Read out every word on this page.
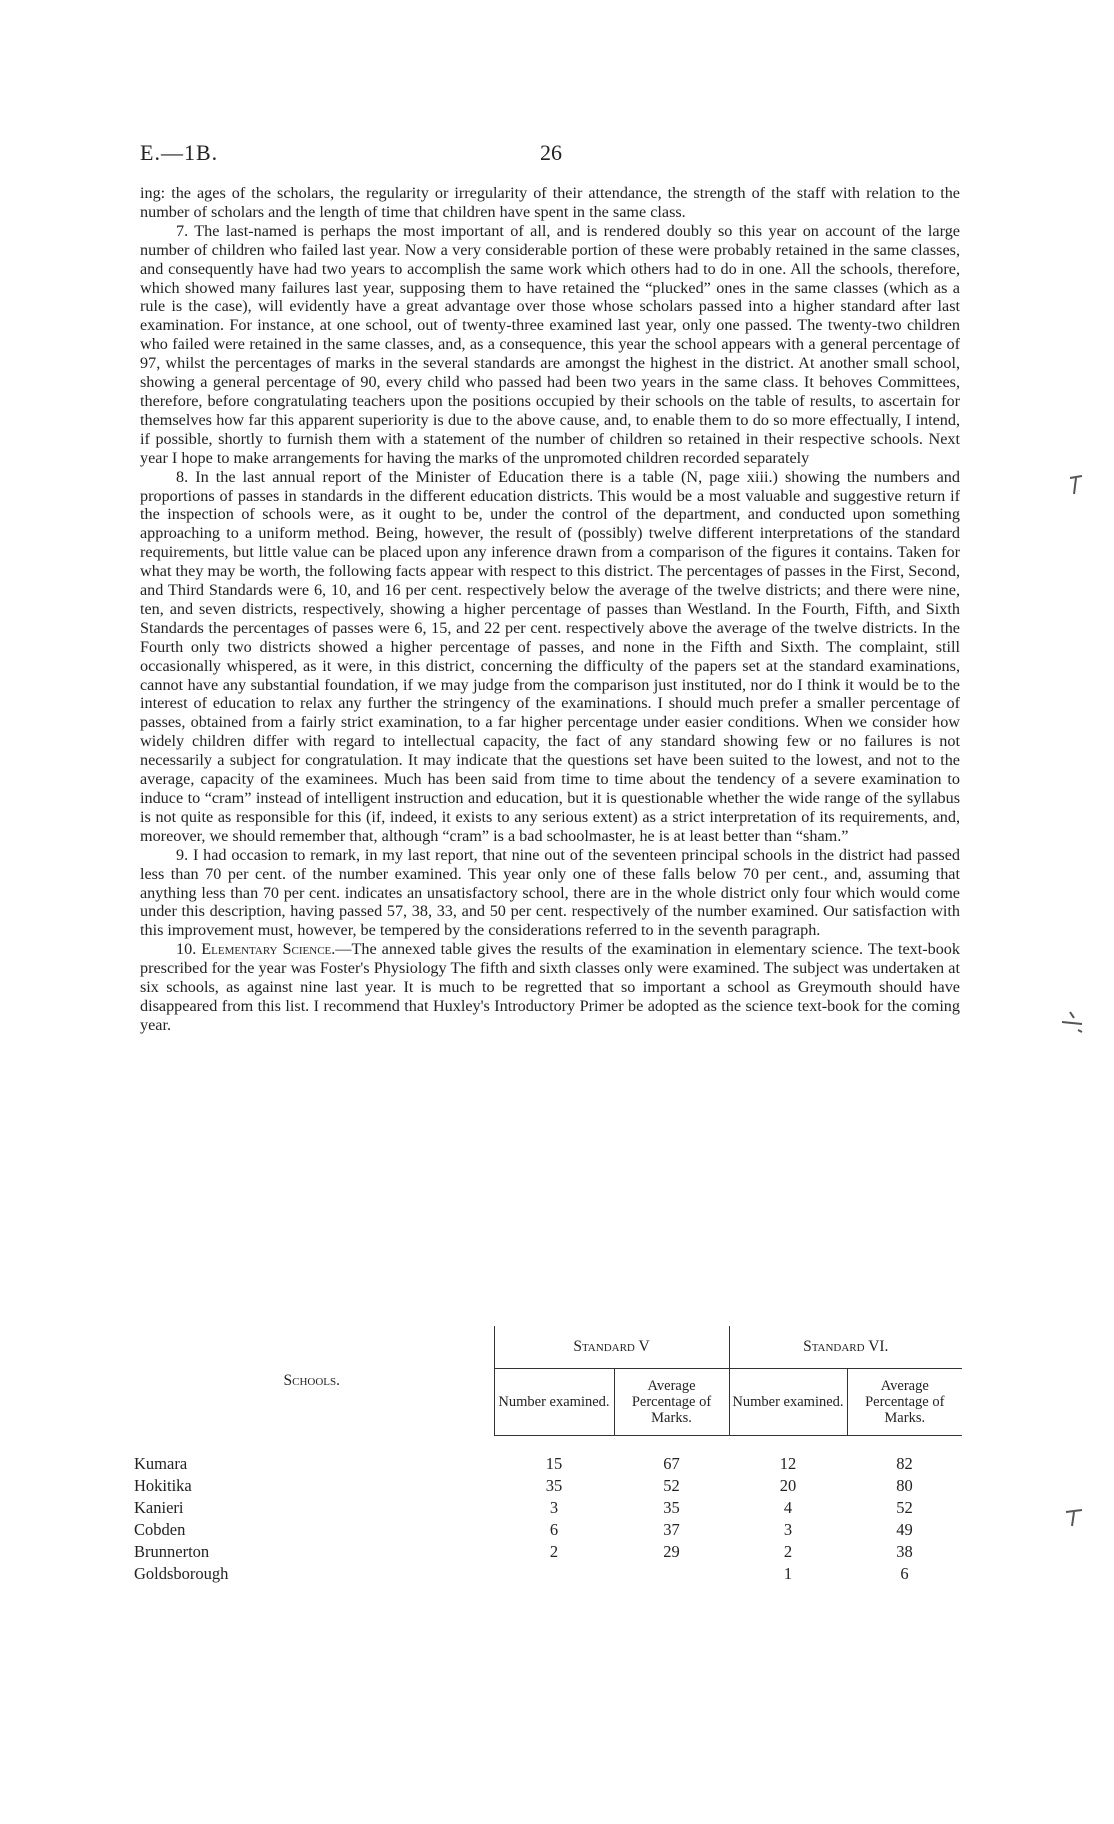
E.—1B.	26

ing: the ages of the scholars, the regularity or irregularity of their attendance, the strength of the staff with relation to the number of scholars and the length of time that children have spent in the same class.

7. The last-named is perhaps the most important of all, and is rendered doubly so this year on account of the large number of children who failed last year. Now a very considerable portion of these were probably retained in the same classes, and consequently have had two years to accomplish the same work which others had to do in one. All the schools, therefore, which showed many failures last year, supposing them to have retained the “plucked” ones in the same classes (which as a rule is the case), will evidently have a great advantage over those whose scholars passed into a higher standard after last examination. For instance, at one school, out of twenty-three examined last year, only one passed. The twenty-two children who failed were retained in the same classes, and, as a consequence, this year the school appears with a general percentage of 97, whilst the percentages of marks in the several standards are amongst the highest in the district. At another small school, showing a general percentage of 90, every child who passed had been two years in the same class. It behoves Committees, therefore, before congratulating teachers upon the positions occupied by their schools on the table of results, to ascertain for themselves how far this apparent superiority is due to the above cause, and, to enable them to do so more effectually, I intend, if possible, shortly to furnish them with a statement of the number of children so retained in their respective schools. Next year I hope to make arrangements for having the marks of the unpromoted children recorded separately

8. In the last annual report of the Minister of Education there is a table (N, page xiii.) showing the numbers and proportions of passes in standards in the different education districts. This would be a most valuable and suggestive return if the inspection of schools were, as it ought to be, under the control of the department, and conducted upon something approaching to a uniform method. Being, however, the result of (possibly) twelve different interpretations of the standard requirements, but little value can be placed upon any inference drawn from a comparison of the figures it contains. Taken for what they may be worth, the following facts appear with respect to this district. The percentages of passes in the First, Second, and Third Standards were 6, 10, and 16 per cent. respectively below the average of the twelve districts; and there were nine, ten, and seven districts, respectively, showing a higher percentage of passes than Westland. In the Fourth, Fifth, and Sixth Standards the percentages of passes were 6, 15, and 22 per cent. respectively above the average of the twelve districts. In the Fourth only two districts showed a higher percentage of passes, and none in the Fifth and Sixth. The complaint, still occasionally whispered, as it were, in this district, concerning the difficulty of the papers set at the standard examinations, cannot have any substantial foundation, if we may judge from the comparison just instituted, nor do I think it would be to the interest of education to relax any further the stringency of the examinations. I should much prefer a smaller percentage of passes, obtained from a fairly strict examination, to a far higher percentage under easier conditions. When we consider how widely children differ with regard to intellectual capacity, the fact of any standard showing few or no failures is not necessarily a subject for congratulation. It may indicate that the questions set have been suited to the lowest, and not to the average, capacity of the examinees. Much has been said from time to time about the tendency of a severe examination to induce to “cram” instead of intelligent instruction and education, but it is questionable whether the wide range of the syllabus is not quite as responsible for this (if, indeed, it exists to any serious extent) as a strict interpretation of its requirements, and, moreover, we should remember that, although “cram” is a bad schoolmaster, he is at least better than “sham.”

9. I had occasion to remark, in my last report, that nine out of the seventeen principal schools in the district had passed less than 70 per cent. of the number examined. This year only one of these falls below 70 per cent., and, assuming that anything less than 70 per cent. indicates an unsatisfactory school, there are in the whole district only four which would come under this description, having passed 57, 38, 33, and 50 per cent. respectively of the number examined. Our satisfaction with this improvement must, however, be tempered by the considerations referred to in the seventh paragraph.

10. Elementary Science.—The annexed table gives the results of the examination in elementary science. The text-book prescribed for the year was Foster's Physiology The fifth and sixth classes only were examined. The subject was undertaken at six schools, as against nine last year. It is much to be regretted that so important a school as Greymouth should have disappeared from this list. I recommend that Huxley's Introductory Primer be adopted as the science text-book for the coming year.

Schools.	Standard V		Standard VI.	
	Number examined.	Average Percentage of Marks.	Number examined.	Average Percentage of Marks.
Kumara	15	67	12	82
Hokitika	35	52	20	80
Kanieri	3	35	4	52
Cobden	6	37	3	49
Brunnerton	2	29	2	38
Goldsborough			1	6
